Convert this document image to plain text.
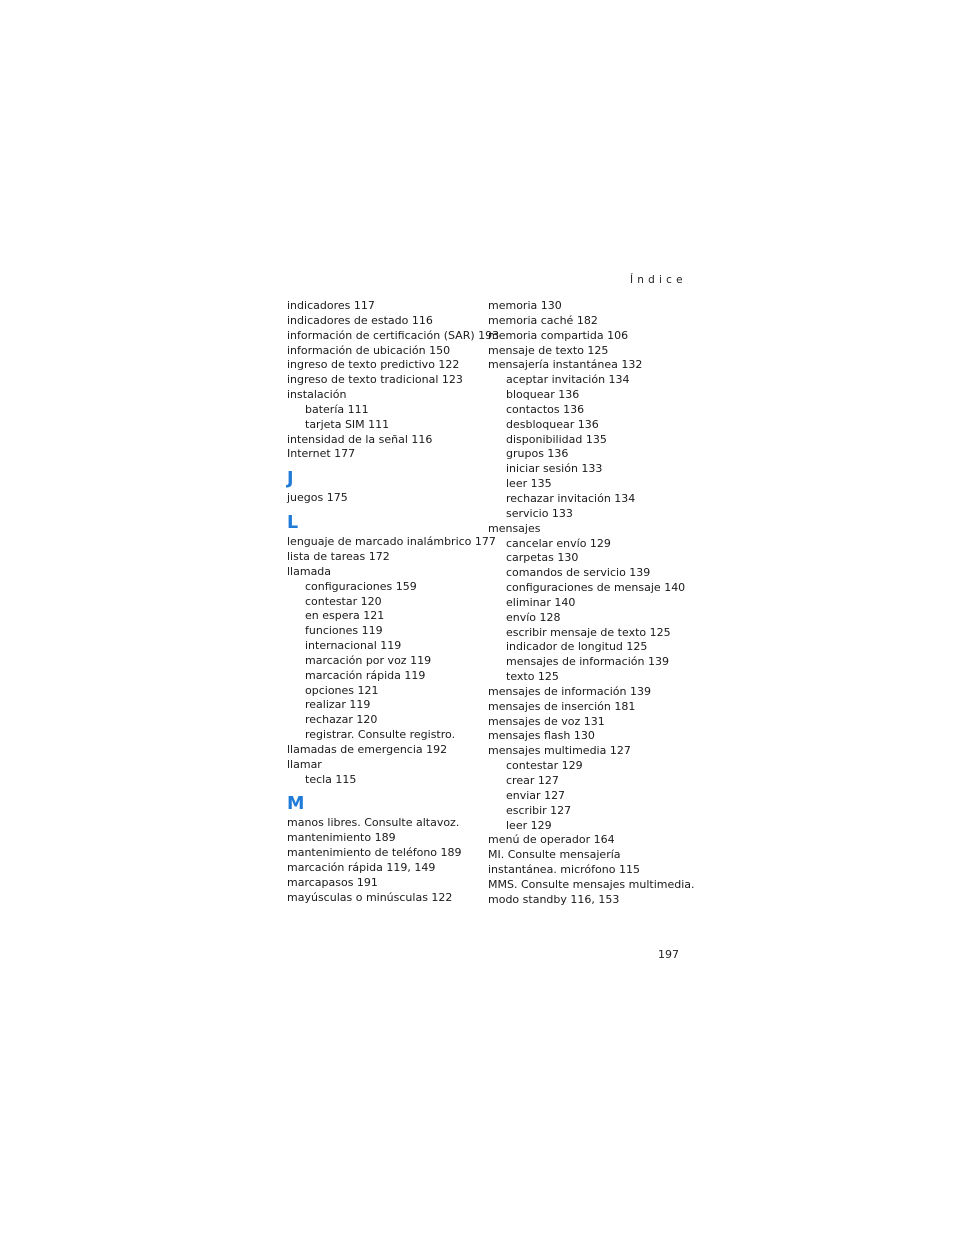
Índice
indicadores 117
indicadores de estado 116
información de certificación (SAR) 193
información de ubicación 150
ingreso de texto predictivo 122
ingreso de texto tradicional 123
instalación
batería 111
tarjeta SIM 111
intensidad de la señal 116
Internet 177
J
juegos 175
L
lenguaje de marcado inalámbrico 177
lista de tareas 172
llamada
configuraciones 159
contestar 120
en espera 121
funciones 119
internacional 119
marcación por voz 119
marcación rápida 119
opciones 121
realizar 119
rechazar 120
registrar. Consulte registro.
llamadas de emergencia 192
llamar
tecla 115
M
manos libres. Consulte altavoz.
mantenimiento 189
mantenimiento de teléfono 189
marcación rápida 119, 149
marcapasos 191
mayúsculas o minúsculas 122
memoria 130
memoria caché 182
memoria compartida 106
mensaje de texto 125
mensajería instantánea 132
aceptar invitación 134
bloquear 136
contactos 136
desbloquear 136
disponibilidad 135
grupos 136
iniciar sesión 133
leer 135
rechazar invitación 134
servicio 133
mensajes
cancelar envío 129
carpetas 130
comandos de servicio 139
configuraciones de mensaje 140
eliminar 140
envío 128
escribir mensaje de texto 125
indicador de longitud 125
mensajes de información 139
texto 125
mensajes de información 139
mensajes de inserción 181
mensajes de voz 131
mensajes flash 130
mensajes multimedia 127
contestar 129
crear 127
enviar 127
escribir 127
leer 129
menú de operador 164
MI. Consulte mensajería
instantánea. micrófono 115
MMS. Consulte mensajes multimedia.
modo standby 116, 153
197
